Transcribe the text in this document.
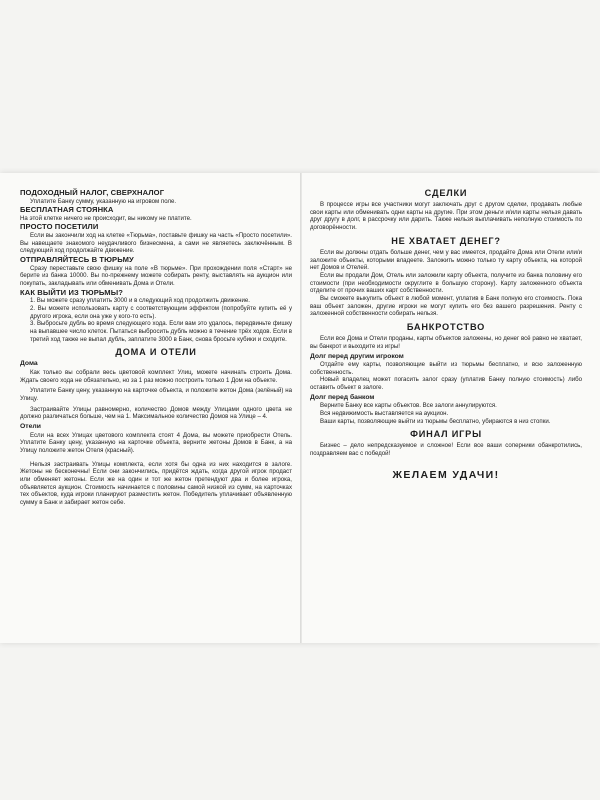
ПОДОХОДНЫЙ НАЛОГ, СВЕРХНАЛОГ

Уплатите Банку сумму, указанную на игровом поле.

БЕСПЛАТНАЯ СТОЯНКА

На этой клетке ничего не происходит, вы никому не платите.

ПРОСТО ПОСЕТИЛИ

Если вы закончили ход на клетке «Тюрьма», поставьте фишку на часть «Просто посетили». Вы навещаете знакомого неудачливого бизнесмена, а сами не являетесь заключённым. В следующий ход продолжайте движение.

ОТПРАВЛЯЙТЕСЬ В ТЮРЬМУ

Сразу переставьте свою фишку на поле «В тюрьме». При прохождении поля «Старт» не берите из банка 10000. Вы по-прежнему можете собирать ренту, выставлять на аукцион или покупать, закладывать или обменивать Дома и Отели.

КАК ВЫЙТИ ИЗ ТЮРЬМЫ?

1. Вы можете сразу уплатить 3000 и в следующий ход продолжить движение.

2. Вы можете использовать карту с соответствующим эффектом (попробуйте купить её у другого игрока, если она уже у кого-то есть).

3. Выбросьте дубль во время следующего хода. Если вам это удалось, передвиньте фишку на выпавшее число клеток. Пытаться выбросить дубль можно в течение трёх ходов. Если в третий ход также не выпал дубль, заплатите 3000 в Банк, снова бросьте кубики и сходите.

ДОМА И ОТЕЛИ
Дома

Как только вы собрали весь цветовой комплект Улиц, можете начинать строить Дома. Ждать своего хода не обязательно, но за 1 раз можно построить только 1 Дом на объекте.

Уплатите Банку цену, указанную на карточке объекта, и положите жетон Дома (зелёный) на Улицу.

Застраивайте Улицы равномерно, количество Домов между Улицами одного цвета не должно различаться больше, чем на 1. Максимальное количество Домов на Улице – 4.

Отели

Если на всех Улицах цветового комплекта стоят 4 Дома, вы можете приобрести Отель. Уплатите Банку цену, указанную на карточке объекта, верните жетоны Домов в Банк, а на Улицу положите жетон Отеля (красный).

Нельзя застраивать Улицы комплекта, если хотя бы одна из них находится в залоге. Жетоны не бесконечны! Если они закончились, придётся ждать, когда другой игрок продаст или обменяет жетоны. Если же на один и тот же жетон претендуют два и более игрока, объявляется аукцион. Стоимость начинается с половины самой низкой из сумм, на карточках тех объектов, куда игроки планируют разместить жетон. Победитель уплачивает объявленную сумму в Банк и забирает жетон себе.

СДЕЛКИ

В процессе игры все участники могут заключать друг с другом сделки, продавать любые свои карты или обменивать одни карты на другие. При этом деньги и/или карты нельзя давать друг другу в долг, в рассрочку или дарить. Также нельзя выплачивать неполную стоимость по договорённости.

НЕ ХВАТАЕТ ДЕНЕГ?

Если вы должны отдать больше денег, чем у вас имеется, продайте Дома или Отели или/и заложите объекты, которыми владеете. Заложить можно только ту карту объекта, на которой нет Домов и Отелей.

Если вы продали Дом, Отель или заложили карту объекта, получите из банка половину его стоимости (при необходимости округлите в большую сторону). Карту заложенного объекта отделите от прочих ваших карт собственности.

Вы сможете выкупить объект в любой момент, уплатив в Банк полную его стоимость. Пока ваш объект заложен, другие игроки не могут купить его без вашего разрешения. Ренту с заложенной собственности собирать нельзя.

БАНКРОТСТВО

Если все Дома и Отели проданы, карты объектов заложены, но денег всё равно не хватает, вы банкрот и выходите из игры!

Долг перед другим игроком

Отдайте ему карты, позволяющие выйти из тюрьмы бесплатно, и всю заложенную собственность.

Новый владелец может погасить залог сразу (уплатив Банку полную стоимость) либо оставить объект в залоге.

Долг перед банком

Верните Банку все карты объектов. Все залоги аннулируются.

Вся недвижимость выставляется на аукцион.

Ваши карты, позволяющие выйти из тюрьмы бесплатно, убираются в низ стопки.

ФИНАЛ ИГРЫ

Бизнес – дело непредсказуемое и сложное! Если все ваши соперники обанкротились, поздравляем вас с победой!

ЖЕЛАЕМ УДАЧИ!
